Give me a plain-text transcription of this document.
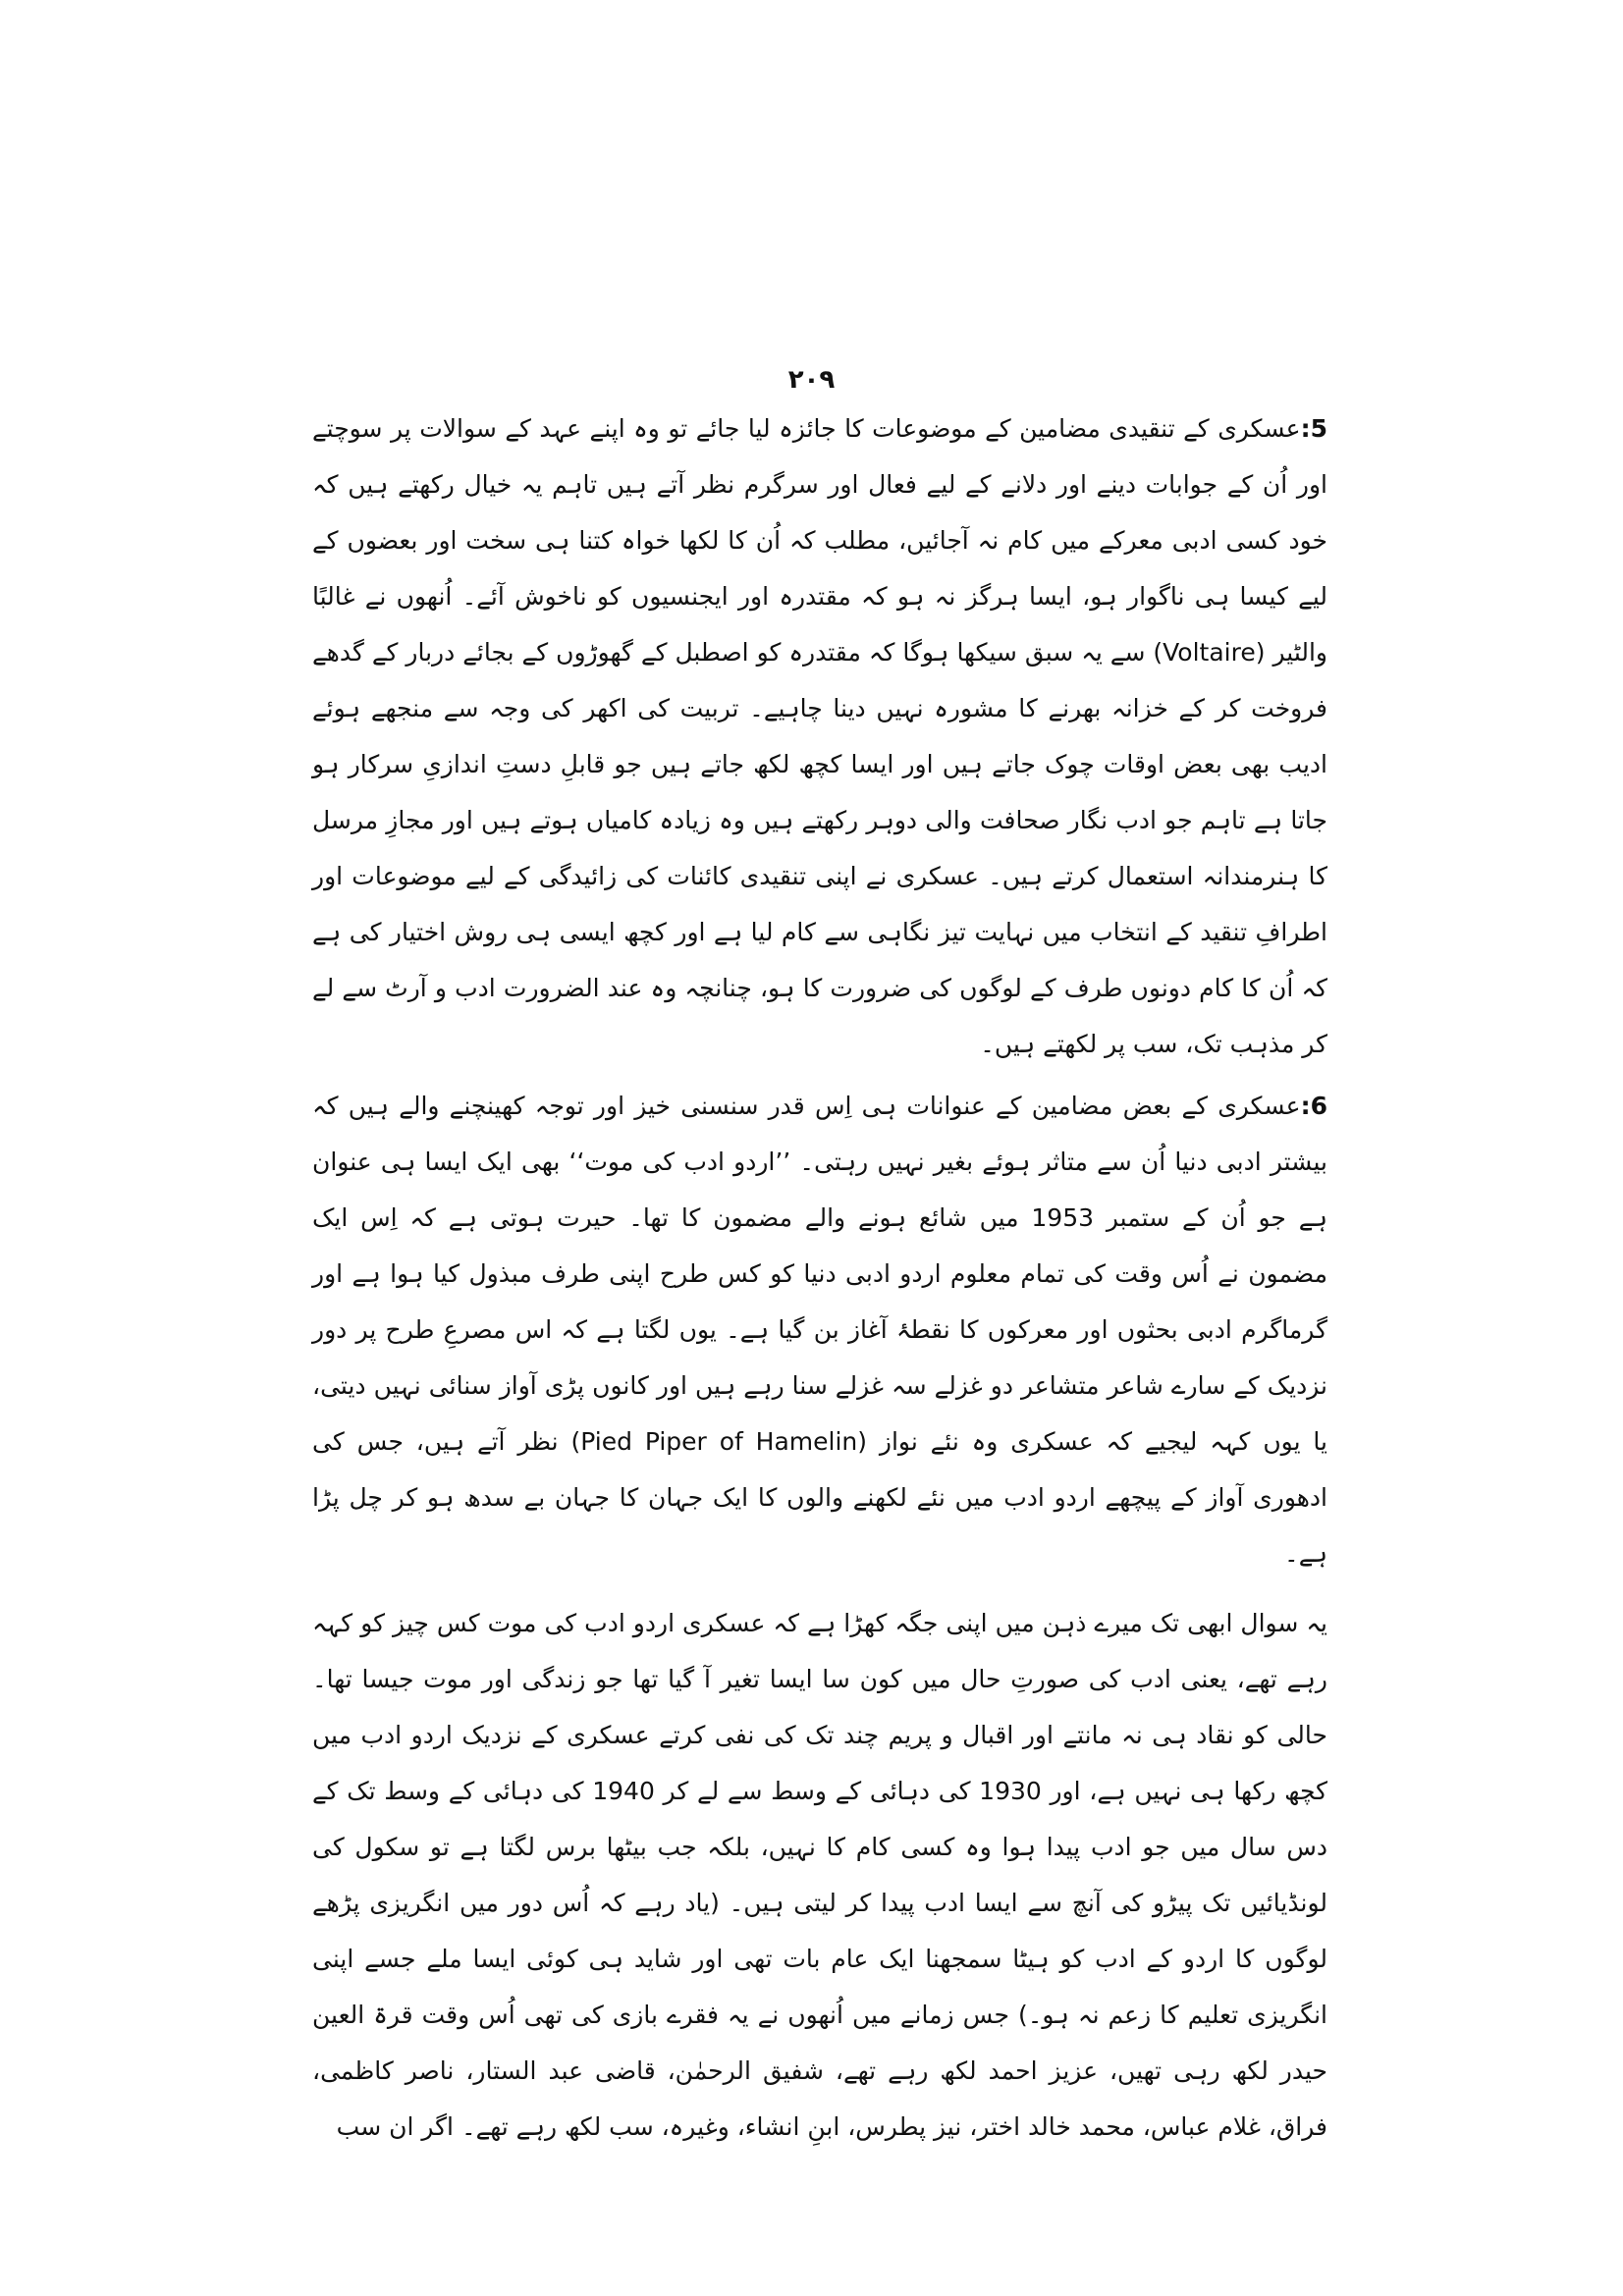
۲۰۹
5:عسکری کے تنقیدی مضامین کے موضوعات کا جائزہ لیا جائے تو وہ اپنے عہد کے سوالات پر سوچتے اور اُن کے جوابات دینے اور دلانے کے لیے فعال اور سرگرم نظر آتے ہیں تاہم یہ خیال رکھتے ہیں کہ خود کسی ادبی معرکے میں کام نہ آجائیں، مطلب کہ اُن کا لکھا خواہ کتنا ہی سخت اور بعضوں کے لیے کیسا ہی ناگوار ہو، ایسا ہرگز نہ ہو کہ مقتدرہ اور ایجنسیوں کو ناخوش آئے۔ اُنھوں نے غالبًا والٹیر (Voltaire) سے یہ سبق سیکھا ہوگا کہ مقتدرہ کو اصطبل کے گھوڑوں کے بجائے دربار کے گدھے فروخت کر کے خزانہ بھرنے کا مشورہ نہیں دینا چاہیے۔ تربیت کی اکھر کی وجہ سے منجھے ہوئے ادیب بھی بعض اوقات چوک جاتے ہیں اور ایسا کچھ لکھ جاتے ہیں جو قابلِ دستِ اندازیِ سرکار ہو جاتا ہے تاہم جو ادب نگار صحافت والی دوہر رکھتے ہیں وہ زیادہ کامیاں ہوتے ہیں اور مجازِ مرسل کا ہنرمندانہ استعمال کرتے ہیں۔ عسکری نے اپنی تنقیدی کائنات کی زائیدگی کے لیے موضوعات اور اطرافِ تنقید کے انتخاب میں نہایت تیز نگاہی سے کام لیا ہے اور کچھ ایسی ہی روش اختیار کی ہے کہ اُن کا کام دونوں طرف کے لوگوں کی ضرورت کا ہو، چنانچہ وہ عند الضرورت ادب و آرٹ سے لے کر مذہب تک، سب پر لکھتے ہیں۔
6:عسکری کے بعض مضامین کے عنوانات ہی اِس قدر سنسنی خیز اور توجہ کھینچنے والے ہیں کہ بیشتر ادبی دنیا اُن سے متاثر ہوئے بغیر نہیں رہتی۔ ’’اردو ادب کی موت‘‘ بھی ایک ایسا ہی عنوان ہے جو اُن کے ستمبر 1953 میں شائع ہونے والے مضمون کا تھا۔ حیرت ہوتی ہے کہ اِس ایک مضمون نے اُس وقت کی تمام معلوم اردو ادبی دنیا کو کس طرح اپنی طرف مبذول کیا ہوا ہے اور گرماگرم ادبی بحثوں اور معرکوں کا نقطۂ آغاز بن گیا ہے۔ یوں لگتا ہے کہ اس مصرعِ طرح پر دور نزدیک کے سارے شاعر متشاعر دو غزلے سہ غزلے سنا رہے ہیں اور کانوں پڑی آواز سنائی نہیں دیتی، یا یوں کہہ لیجیے کہ عسکری وہ نئے نواز (Pied Piper of Hamelin) نظر آتے ہیں، جس کی ادھوری آواز کے پیچھے اردو ادب میں نئے لکھنے والوں کا ایک جہان کا جہان بے سدھ ہو کر چل پڑا ہے۔

یہ سوال ابھی تک میرے ذہن میں اپنی جگہ کھڑا ہے کہ عسکری اردو ادب کی موت کس چیز کو کہہ رہے تھے، یعنی ادب کی صورتِ حال میں کون سا ایسا تغیر آ گیا تھا جو زندگی اور موت جیسا تھا۔ حالی کو نقاد ہی نہ مانتے اور اقبال و پریم چند تک کی نفی کرتے عسکری کے نزدیک اردو ادب میں کچھ رکھا ہی نہیں ہے، اور 1930 کی دہائی کے وسط سے لے کر 1940 کی دہائی کے وسط تک کے دس سال میں جو ادب پیدا ہوا وہ کسی کام کا نہیں، بلکہ جب بیٹھا برس لگتا ہے تو سکول کی لونڈیائیں تک پیڑو کی آنچ سے ایسا ادب پیدا کر لیتی ہیں۔ (یاد رہے کہ اُس دور میں انگریزی پڑھے لوگوں کا اردو کے ادب کو ہیٹا سمجھنا ایک عام بات تھی اور شاید ہی کوئی ایسا ملے جسے اپنی انگریزی تعلیم کا زعم نہ ہو۔) جس زمانے میں اُنھوں نے یہ فقرے بازی کی تھی اُس وقت قرۃ العین حیدر لکھ رہی تھیں، عزیز احمد لکھ رہے تھے، شفیق الرحمٰن، قاضی عبد الستار، ناصر کاظمی، فراق، غلام عباس، محمد خالد اختر، نیز پطرس، ابنِ انشاء، وغیرہ، سب لکھ رہے تھے۔ اگر ان سب
